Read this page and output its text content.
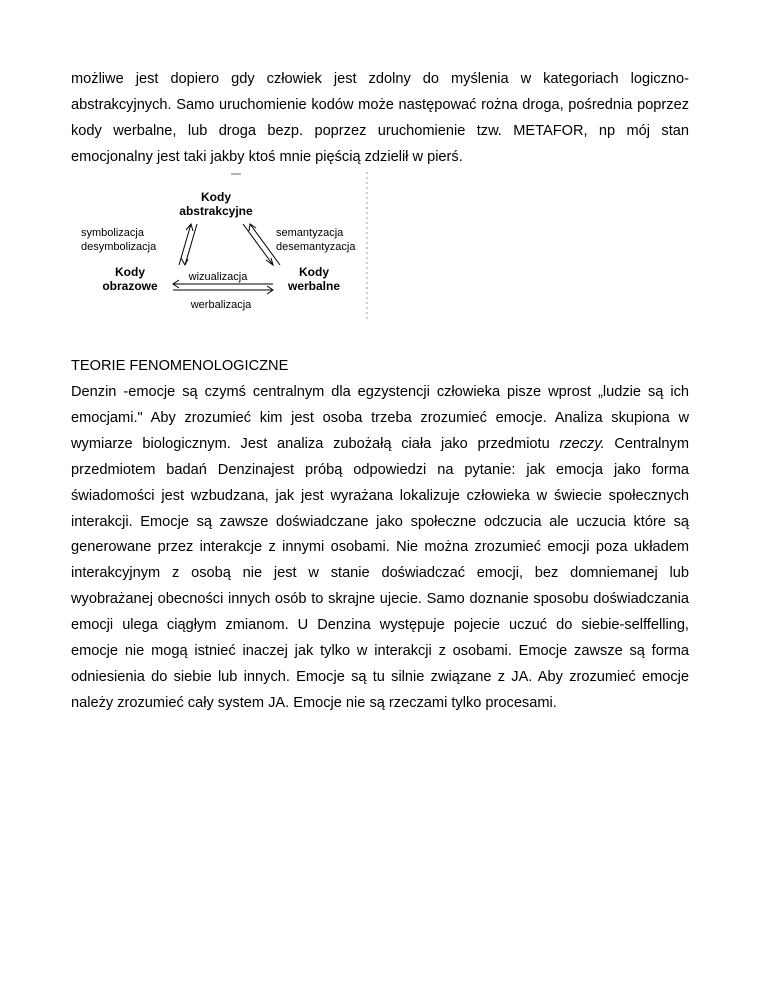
możliwe jest dopiero gdy człowiek jest zdolny do myślenia w kategoriach logiczno-abstrakcyjnych. Samo uruchomienie kodów może następować rożna droga, pośrednia poprzez kody werbalne, lub droga bezp. poprzez uruchomienie tzw. METAFOR, np mój stan emocjonalny jest taki jakby ktoś mnie pięścią zdzielił w pierś.

Kody
abstrakcyjne
Kody
obrazowe
Kody
werbalne
symbolizacja
desymbolizacja
semantyzacja
desemantyzacja
wizualizacja
werbalizacja
TEORIE FENOMENOLOGICZNE

Denzin -emocje są czymś centralnym dla egzystencji człowieka pisze wprost „ludzie są ich emocjami." Aby zrozumieć kim jest osoba trzeba zrozumieć emocje. Analiza skupiona w wymiarze biologicznym. Jest analiza zubożałą ciała jako przedmiotu rzeczy. Centralnym przedmiotem badań Denzinajest próbą odpowiedzi na pytanie: jak emocja jako forma świadomości jest wzbudzana, jak jest wyrażana lokalizuje człowieka w świecie społecznych interakcji. Emocje są zawsze doświadczane jako społeczne odczucia ale uczucia które są generowane przez interakcje z innymi osobami. Nie można zrozumieć emocji poza układem interakcyjnym z osobą nie jest w stanie doświadczać emocji, bez domniemanej lub wyobrażanej obecności innych osób to skrajne ujecie. Samo doznanie sposobu doświadczania emocji ulega ciągłym zmianom. U Denzina występuje pojecie uczuć do siebie-selffelling, emocje nie mogą istnieć inaczej jak tylko w interakcji z osobami. Emocje zawsze są forma odniesienia do siebie lub innych. Emocje są tu silnie związane z JA. Aby zrozumieć emocje należy zrozumieć cały system JA. Emocje nie są rzeczami tylko procesami.
